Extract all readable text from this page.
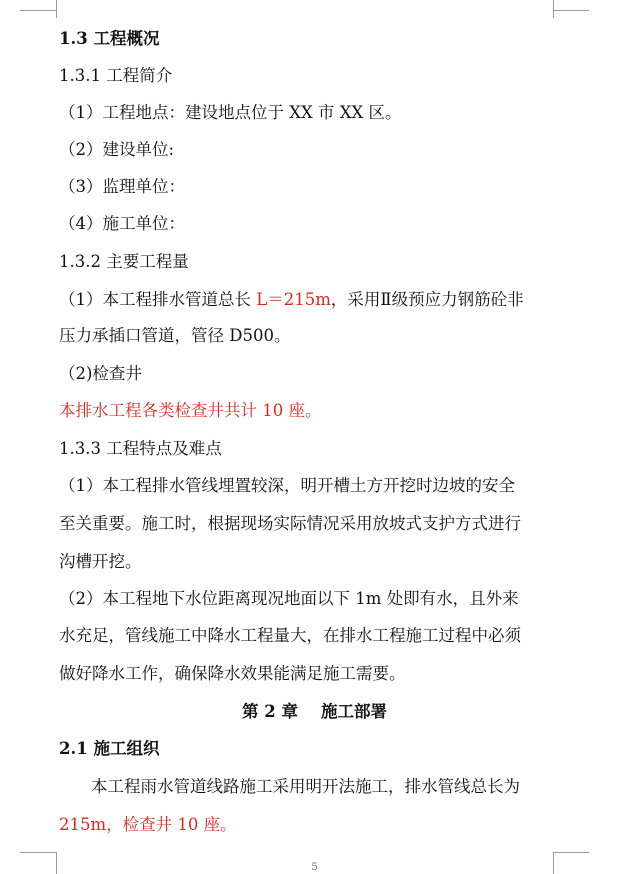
1.3 工程概况
1.3.1 工程简介
（1）工程地点：建设地点位于 XX 市 XX 区。
（2）建设单位:
（3）监理单位：
（4）施工单位：
1.3.2 主要工程量
（1）本工程排水管道总长 L＝215m，采用Ⅱ级预应力钢筋砼非
压力承插口管道，管径 D500。
（2)检查井
本排水工程各类检查井共计 10 座。
1.3.3 工程特点及难点
（1）本工程排水管线埋置较深，明开槽土方开挖时边坡的安全
至关重要。施工时，根据现场实际情况采用放坡式支护方式进行
沟槽开挖。
（2）本工程地下水位距离现况地面以下 1m 处即有水，且外来
水充足，管线施工中降水工程量大，在排水工程施工过程中必须
做好降水工作，确保降水效果能满足施工需要。
第 2 章    施工部署
2.1 施工组织
本工程雨水管道线路施工采用明开法施工，排水管线总长为
215m，检查井 10 座。
5
